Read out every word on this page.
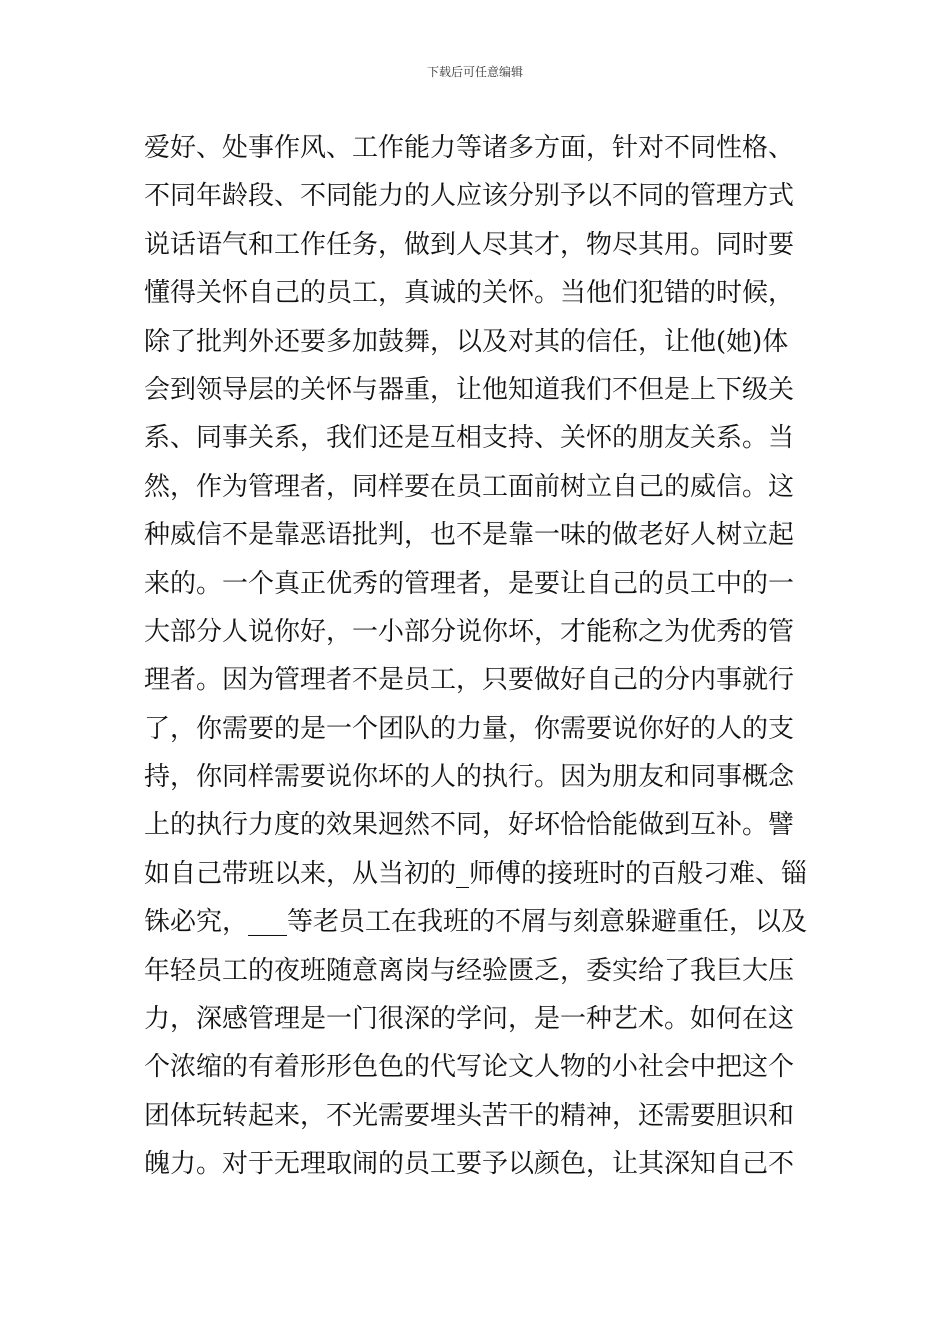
下载后可任意编辑
爱好、处事作风、工作能力等诸多方面，针对不同性格、
不同年龄段、不同能力的人应该分别予以不同的管理方式
说话语气和工作任务，做到人尽其才，物尽其用。同时要
懂得关怀自己的员工，真诚的关怀。当他们犯错的时候，
除了批判外还要多加鼓舞，以及对其的信任，让他(她)体
会到领导层的关怀与器重，让他知道我们不但是上下级关
系、同事关系，我们还是互相支持、关怀的朋友关系。当
然，作为管理者，同样要在员工面前树立自己的威信。这
种威信不是靠恶语批判，也不是靠一味的做老好人树立起
来的。一个真正优秀的管理者，是要让自己的员工中的一
大部分人说你好，一小部分说你坏，才能称之为优秀的管
理者。因为管理者不是员工，只要做好自己的分内事就行
了，你需要的是一个团队的力量，你需要说你好的人的支
持，你同样需要说你坏的人的执行。因为朋友和同事概念
上的执行力度的效果迥然不同，好坏恰恰能做到互补。譬
如自己带班以来，从当初的_师傅的接班时的百般刁难、锱
铢必究，___等老员工在我班的不屑与刻意躲避重任，以及
年轻员工的夜班随意离岗与经验匮乏，委实给了我巨大压
力，深感管理是一门很深的学问，是一种艺术。如何在这
个浓缩的有着形形色色的代写论文人物的小社会中把这个
团体玩转起来，不光需要埋头苦干的精神，还需要胆识和
魄力。对于无理取闹的员工要予以颜色，让其深知自己不
